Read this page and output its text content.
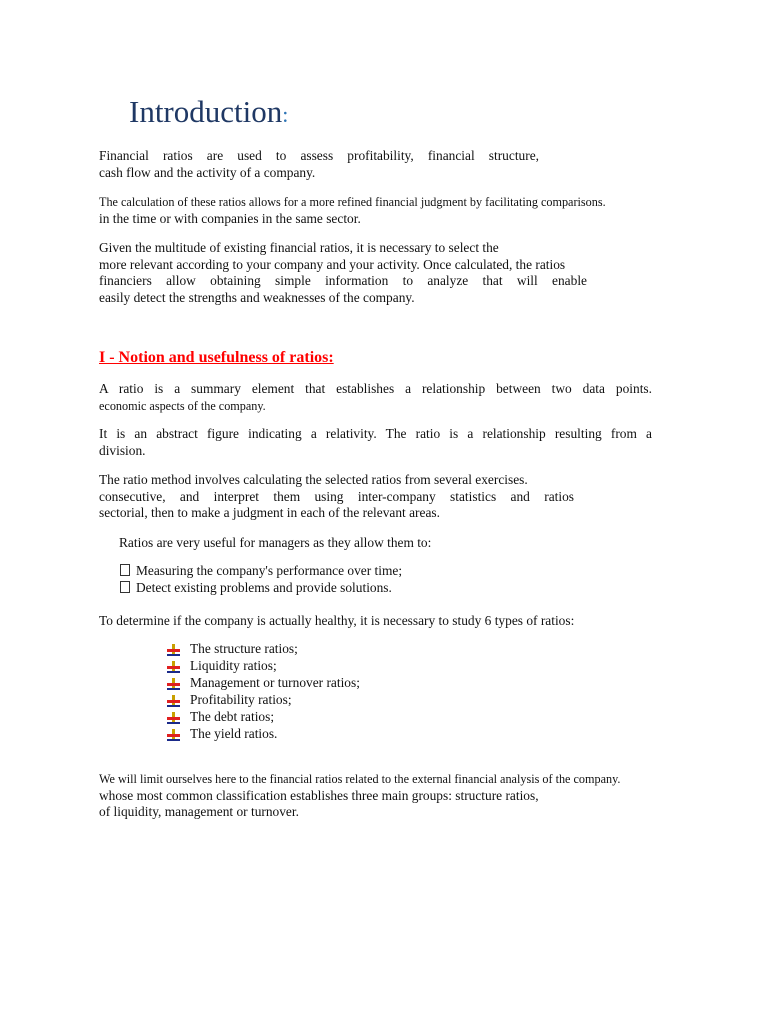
Introduction:
Financial ratios are used to assess profitability, financial structure,
cash flow and the activity of a company.
The calculation of these ratios allows for a more refined financial judgment by facilitating comparisons.
in the time or with companies in the same sector.
Given the multitude of existing financial ratios, it is necessary to select the
more relevant according to your company and your activity. Once calculated, the ratios
financiers allow obtaining simple information to analyze that will enable
easily detect the strengths and weaknesses of the company.
I - Notion and usefulness of ratios:
A ratio is a summary element that establishes a relationship between two data points.
economic aspects of the company.
It is an abstract figure indicating a relativity. The ratio is a relationship resulting from a
division.
The ratio method involves calculating the selected ratios from several exercises.
consecutive, and interpret them using inter-company statistics and ratios
sectorial, then to make a judgment in each of the relevant areas.
Ratios are very useful for managers as they allow them to:
Measuring the company's performance over time;
Detect existing problems and provide solutions.
To determine if the company is actually healthy, it is necessary to study 6 types of ratios:
The structure ratios;
Liquidity ratios;
Management or turnover ratios;
Profitability ratios;
The debt ratios;
The yield ratios.
We will limit ourselves here to the financial ratios related to the external financial analysis of the company.
whose most common classification establishes three main groups: structure ratios,
of liquidity, management or turnover.
